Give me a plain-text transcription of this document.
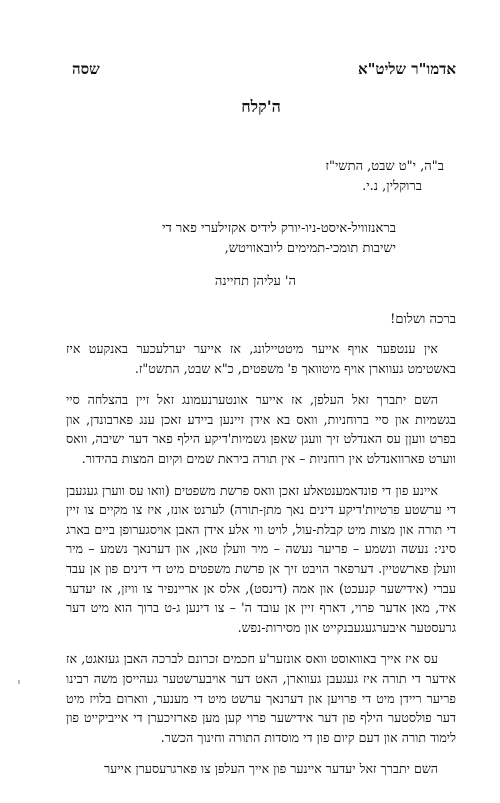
אדמו"ר שליט"א
שסה
ה'קלח
ב"ה, י"ט שבט, התשי"ז
ברוקלין, נ.י.
בראנזוויל-איסט-ניו-יורק לידיס אקזילערי פאר די
ישיבות תומכי-תמימים ליובאוויטש,
ה' עליהן תחיינה
ברכה ושלום!

אין ענטפער אויף אייער מיטטיילונג, אז אייער יערלעכער באנקעט איז באשטימט געווארן אויף מיטוואך פ' משפטים, כ"א שבט, התשט"ז.

השם יתברך זאל העלפן, אז אייער אונטערנעמונג זאל זיין בהצלחה סיי בגשמיות און סיי ברוחניות, וואס בא אידן זיינען ביידע זאכן ענג פארבונדן, און בפרט וועןן עס האנדלט זיך וועגן שאפן גשמיות'דיקע הילף פאר דער ישיבה, וואס ווערט פארוואנדלט אין רוחניות – אין תורה ביראת שמים וקיום המצות בהידור.

איינע פון די פונדאמענטאלע זאכן וואס פרשת משפטים (וואו עס ווערן געגעבן די ערשטע פרטיות'דיקע דינים נאך מתן-תורה) לערנט אונז, איז צו מקיים צו זיין די תורה און מצות מיט קבלת-עול, לויט ווי אלע אידן האבן אויסגערופן ביים בארג סיני: נעשה ונשמע – פריער נעשה – מיר וועלן טאן, און דערנאך נשמע – מיר וועלן פארשטיין. דערפאר הויבט זיך אן פרשת משפטים מיט די דינים פון אן עבד עברי (אידישער קנעכט) און אמה (דינסט), אלס אן אריינפיר צו וויזן, אז יעדער איד, מאן אדער פרוי, דארף זיין אן עובד ה' – צו דינען ג-ט ברוך הוא מיט דער גרעסטער איבערגעגעבנקייט און מסירות-נפש.

עס איז אייך באוואוסט וואס אונזער'ע חכמים זכרונם לברכה האבן געזאגט, אז אידער די תורה איז געגעבן געווארן, האט דער אויבערשטער געהייסן משה רבינו פריער ריידן מיט די פרויען און דערנאך ערשט מיט די מענער, ווארום בלויז מיט דער פולסטער הילף פון דער אידישער פרוי קען מען פארזיכערן די אייביקייט פון לימוד תורה און דעם קיום פון די מוסדות התורה וחינוך הכשר.

השם יתברך זאל יעדער איינער פון אייך העלפן צו פארגרעסערן אייער
